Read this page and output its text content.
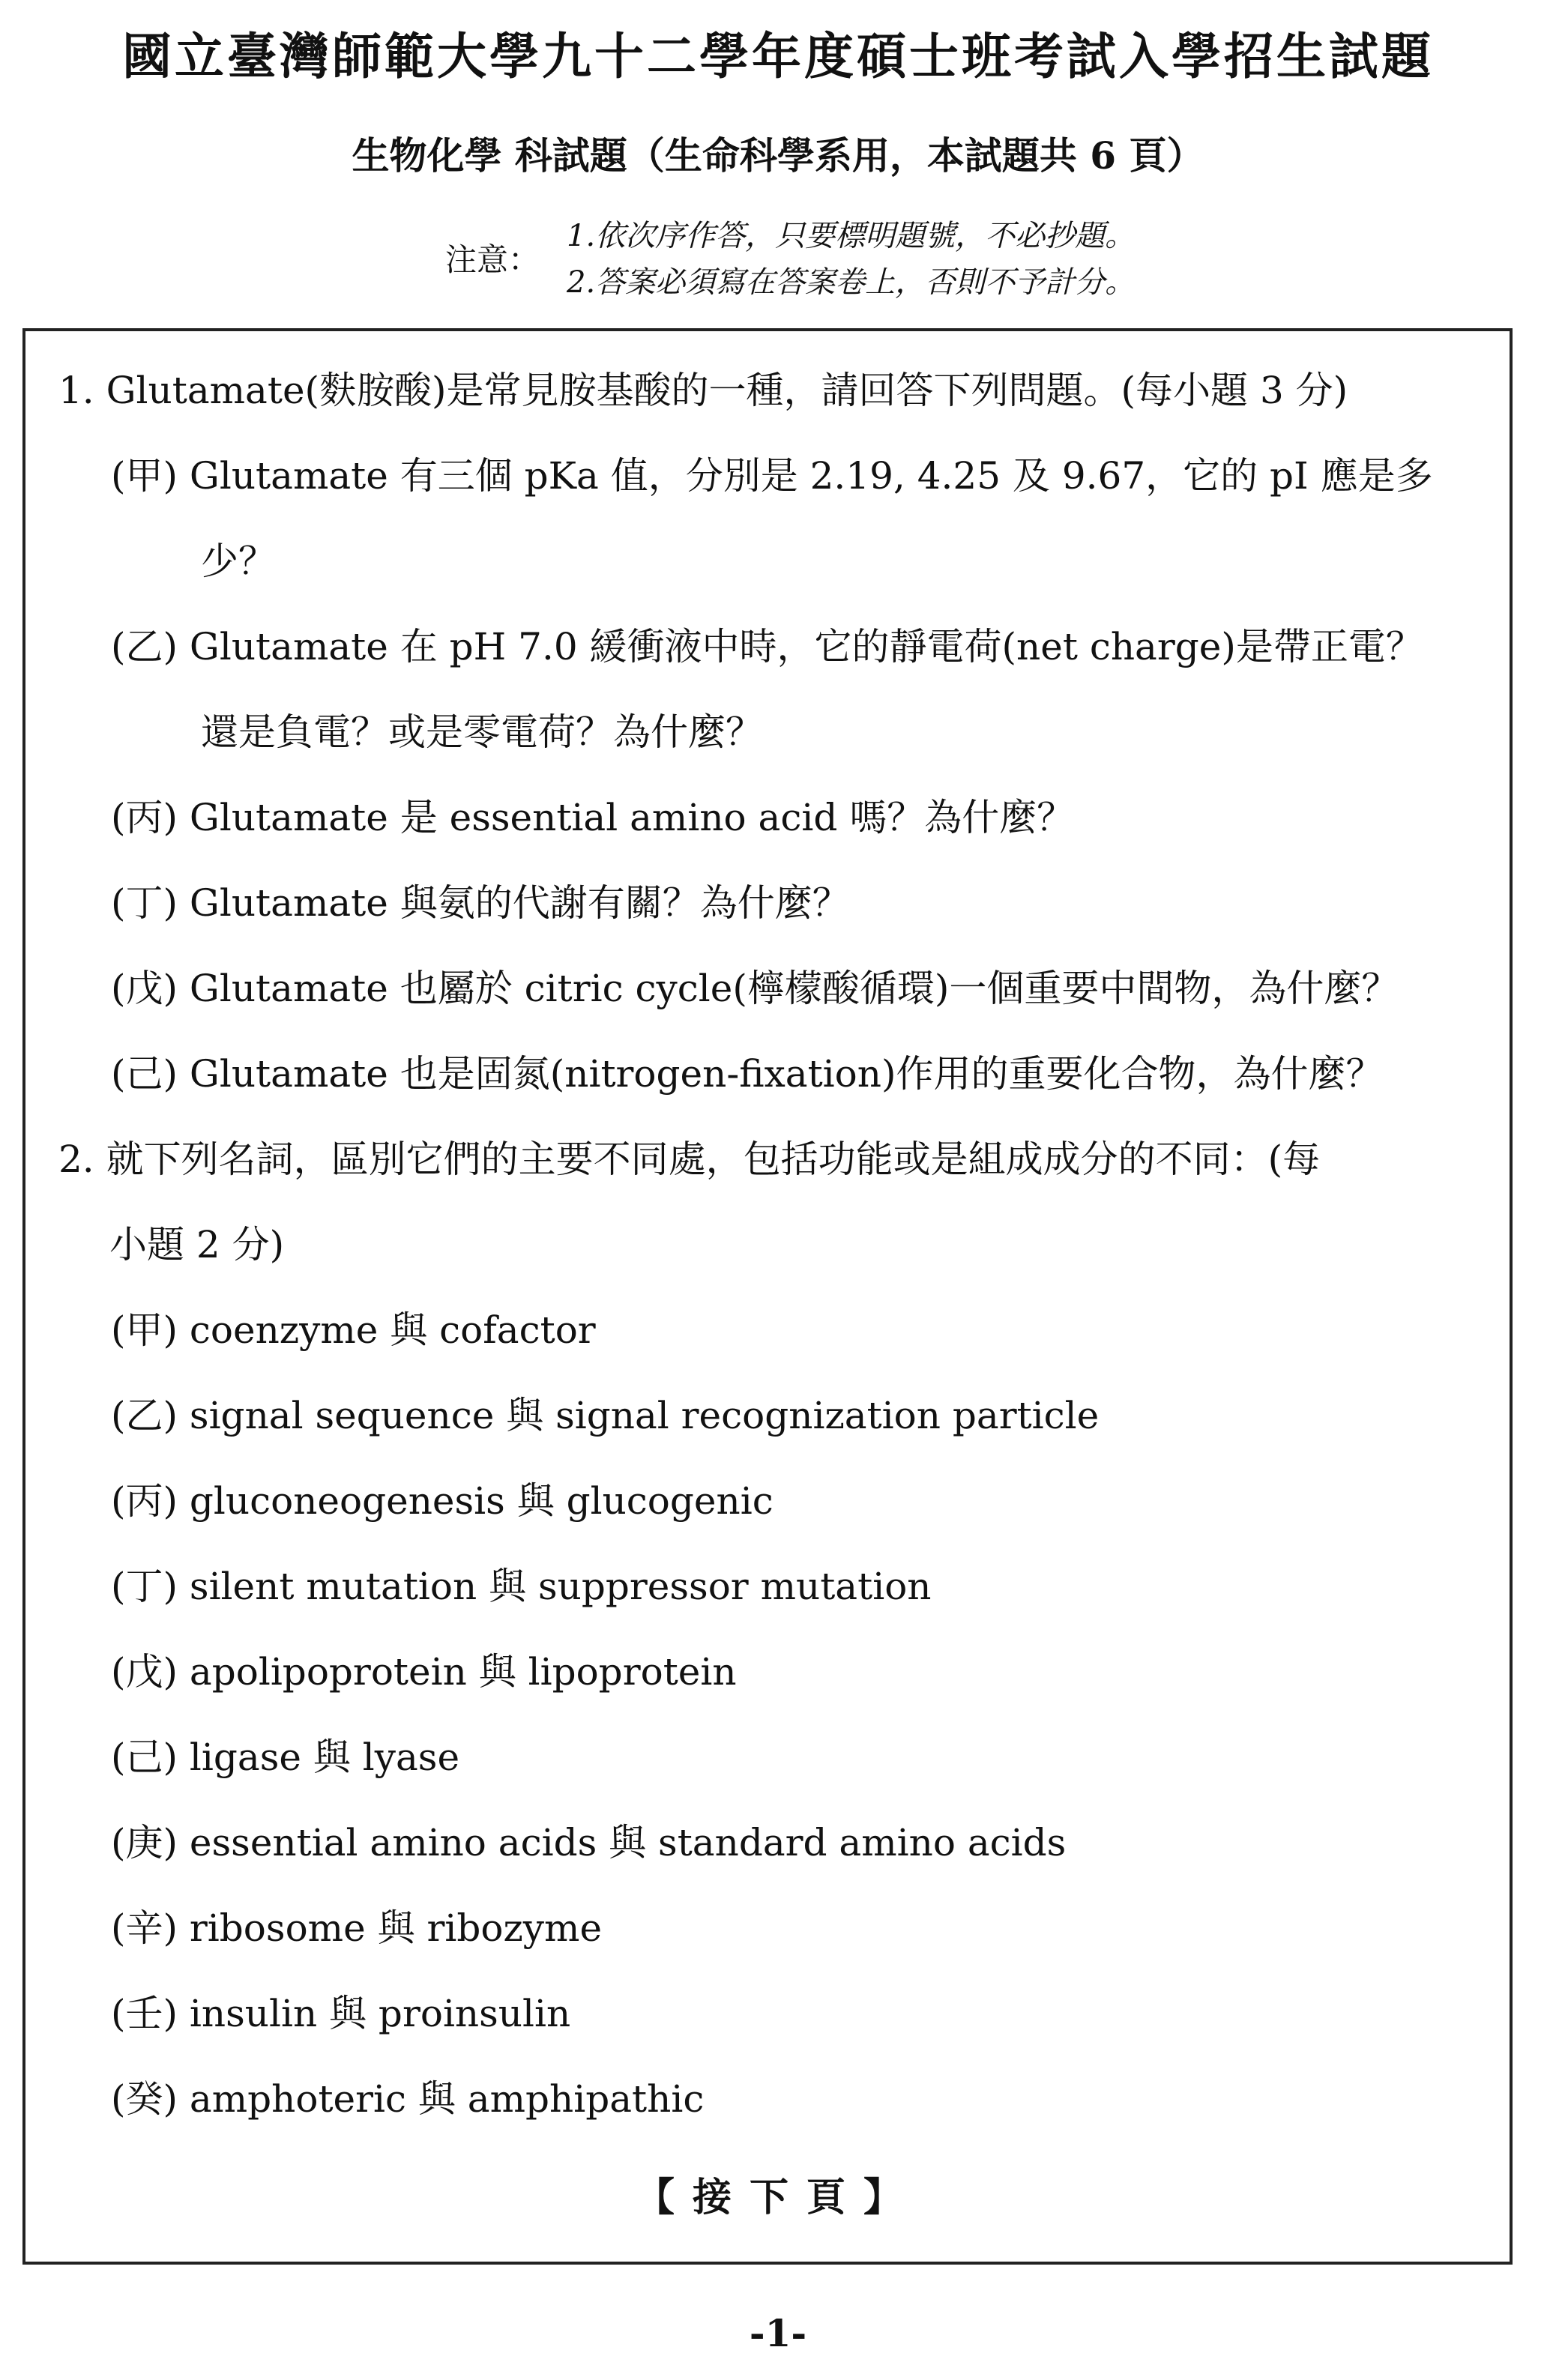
國立臺灣師範大學九十二學年度碩士班考試入學招生試題
生物化學 科試題（生命科學系用，本試題共 6 頁）
注意：
1.依次序作答，只要標明題號，不必抄題。
2.答案必須寫在答案卷上，否則不予計分。
1. Glutamate(麩胺酸)是常見胺基酸的一種，請回答下列問題。(每小題 3 分)
(甲) Glutamate 有三個 pKa 值，分別是 2.19, 4.25 及 9.67，它的 pI 應是多
少？
(乙) Glutamate 在 pH 7.0 緩衝液中時，它的靜電荷(net charge)是帶正電？
還是負電？或是零電荷？為什麼？
(丙) Glutamate 是 essential amino acid 嗎？為什麼？
(丁) Glutamate 與氨的代謝有關？為什麼？
(戊) Glutamate 也屬於 citric cycle(檸檬酸循環)一個重要中間物，為什麼？
(己) Glutamate 也是固氮(nitrogen-fixation)作用的重要化合物，為什麼？
2. 就下列名詞，區別它們的主要不同處，包括功能或是組成成分的不同：(每
小題 2 分)
(甲) coenzyme 與 cofactor
(乙) signal sequence 與 signal recognization particle
(丙) gluconeogenesis 與 glucogenic
(丁) silent mutation 與 suppressor mutation
(戊) apolipoprotein 與 lipoprotein
(己) ligase 與 lyase
(庚) essential amino acids 與 standard amino acids
(辛) ribosome 與 ribozyme
(壬) insulin 與 proinsulin
(癸) amphoteric 與 amphipathic
【接下頁】
-1-
